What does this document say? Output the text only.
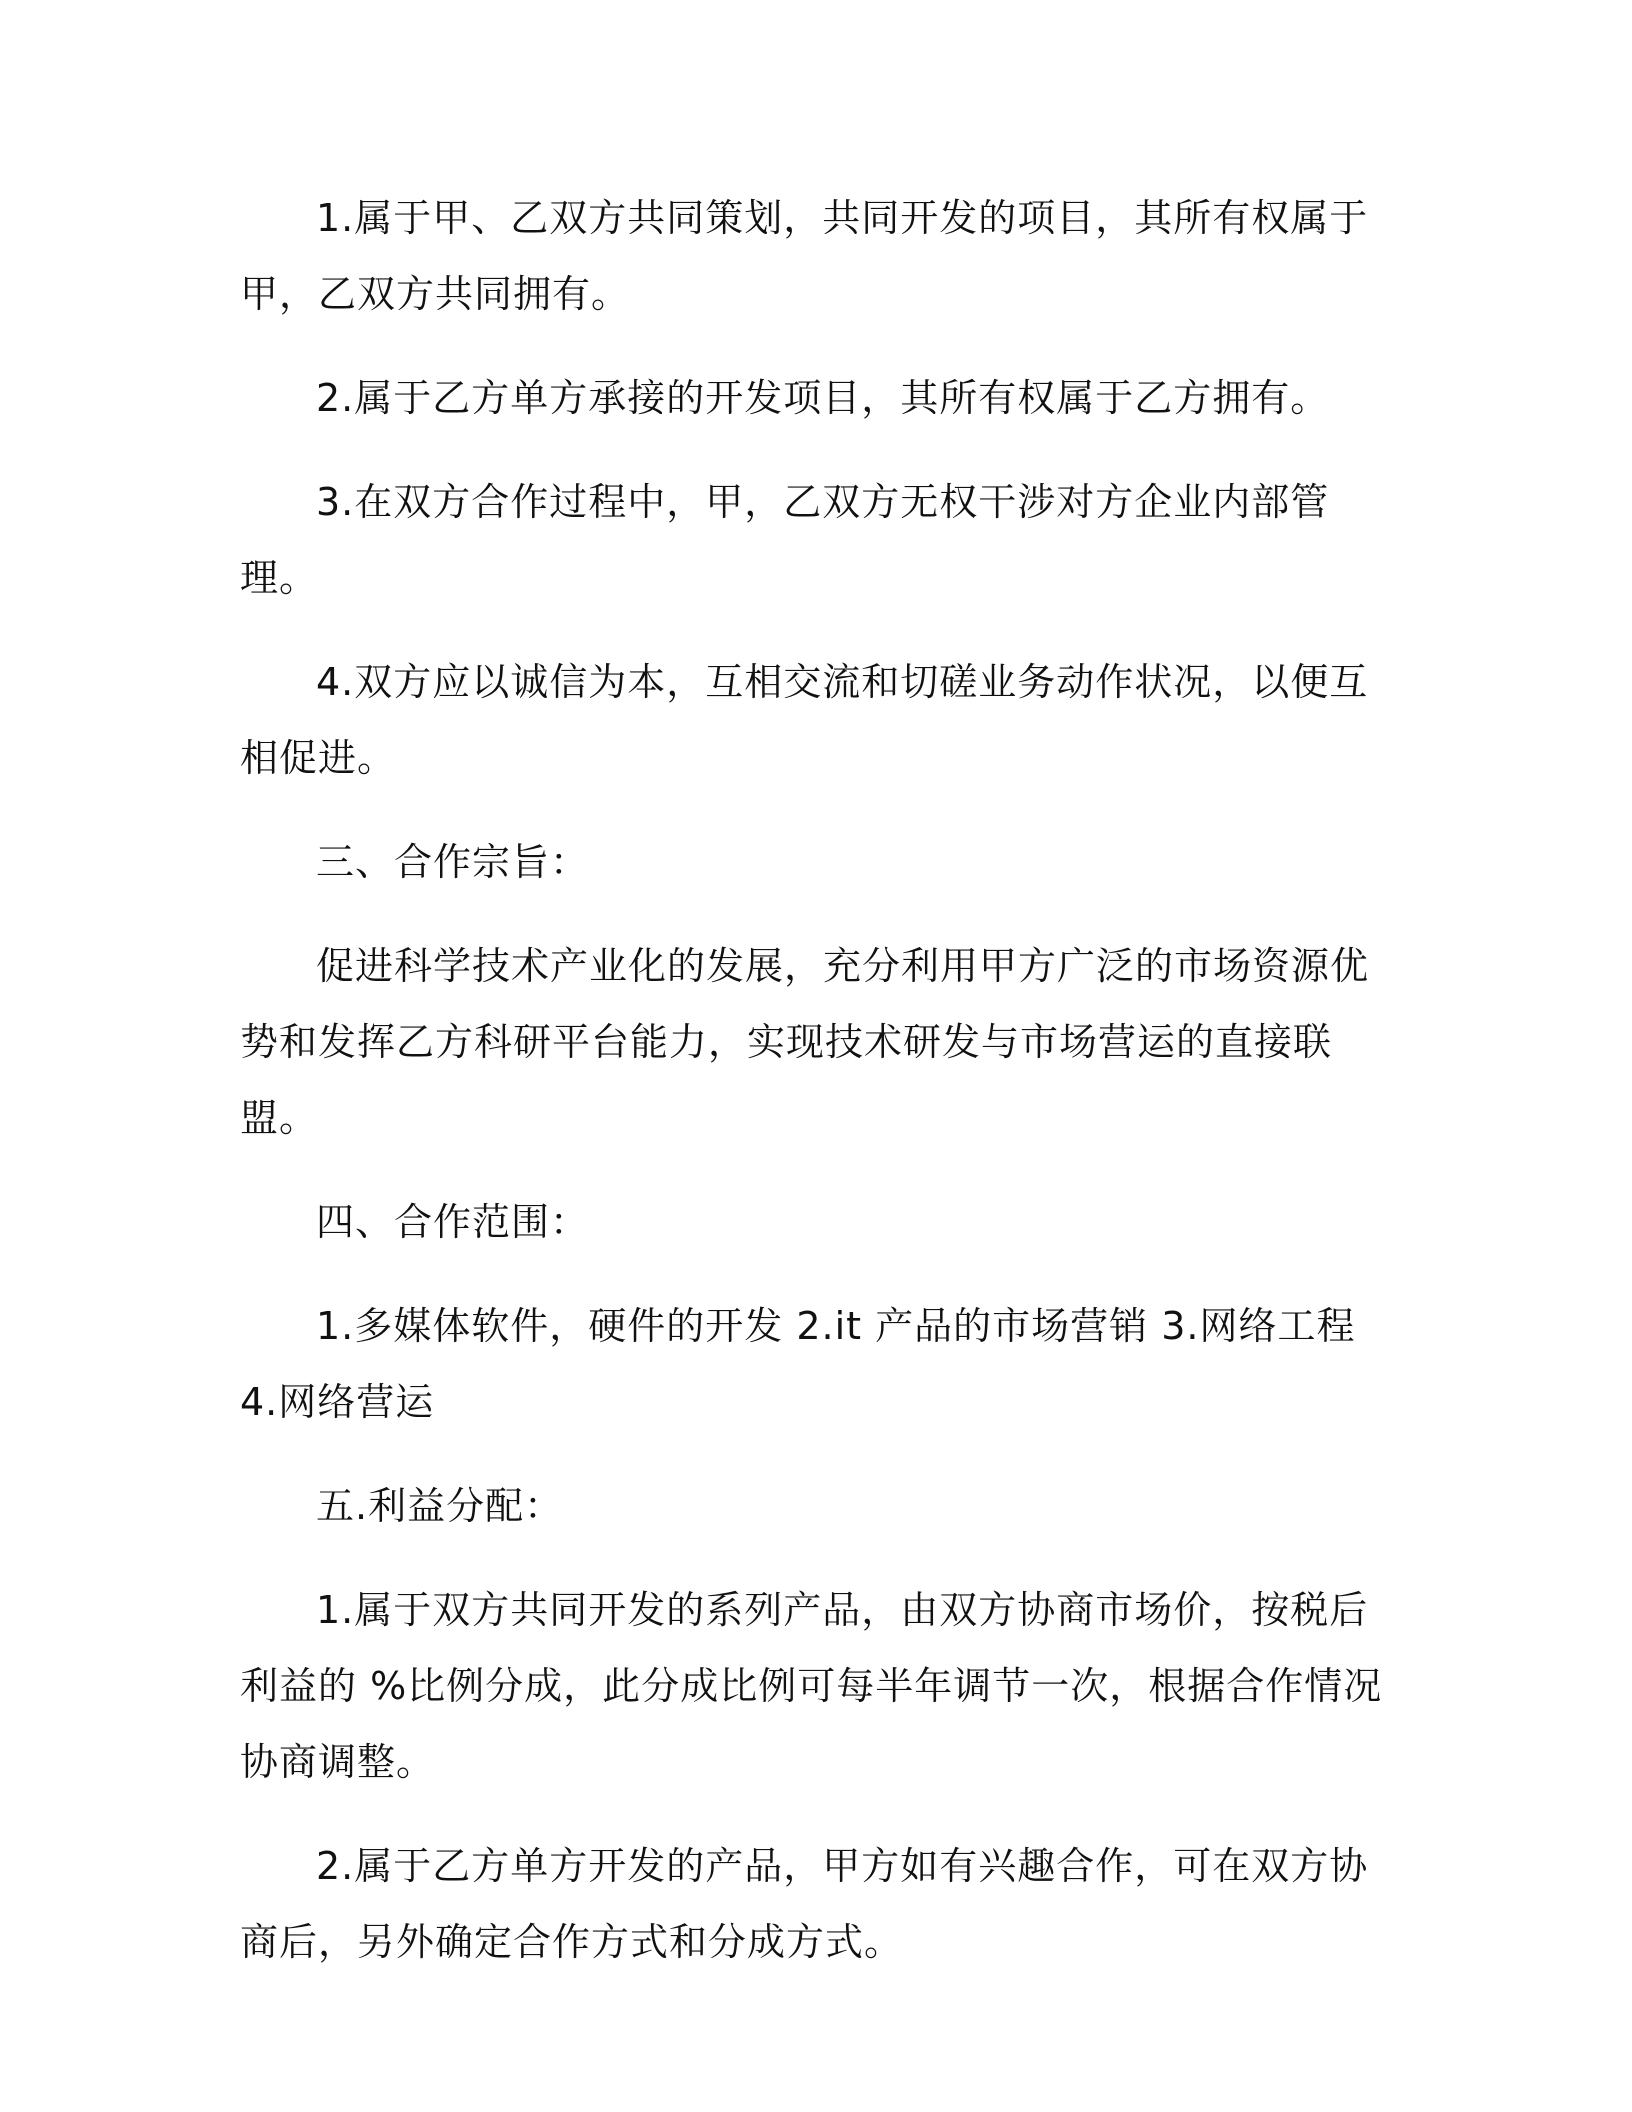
1.属于甲、乙双方共同策划，共同开发的项目，其所有权属于甲，乙双方共同拥有。

2.属于乙方单方承接的开发项目，其所有权属于乙方拥有。

3.在双方合作过程中，甲，乙双方无权干涉对方企业内部管理。

4.双方应以诚信为本，互相交流和切磋业务动作状况，以便互相促进。

三、合作宗旨：

促进科学技术产业化的发展，充分利用甲方广泛的市场资源优势和发挥乙方科研平台能力，实现技术研发与市场营运的直接联盟。

四、合作范围：

1.多媒体软件，硬件的开发 2.it 产品的市场营销 3.网络工程 4.网络营运

五.利益分配：

1.属于双方共同开发的系列产品，由双方协商市场价，按税后利益的 %比例分成，此分成比例可每半年调节一次，根据合作情况协商调整。

2.属于乙方单方开发的产品，甲方如有兴趣合作，可在双方协商后，另外确定合作方式和分成方式。
